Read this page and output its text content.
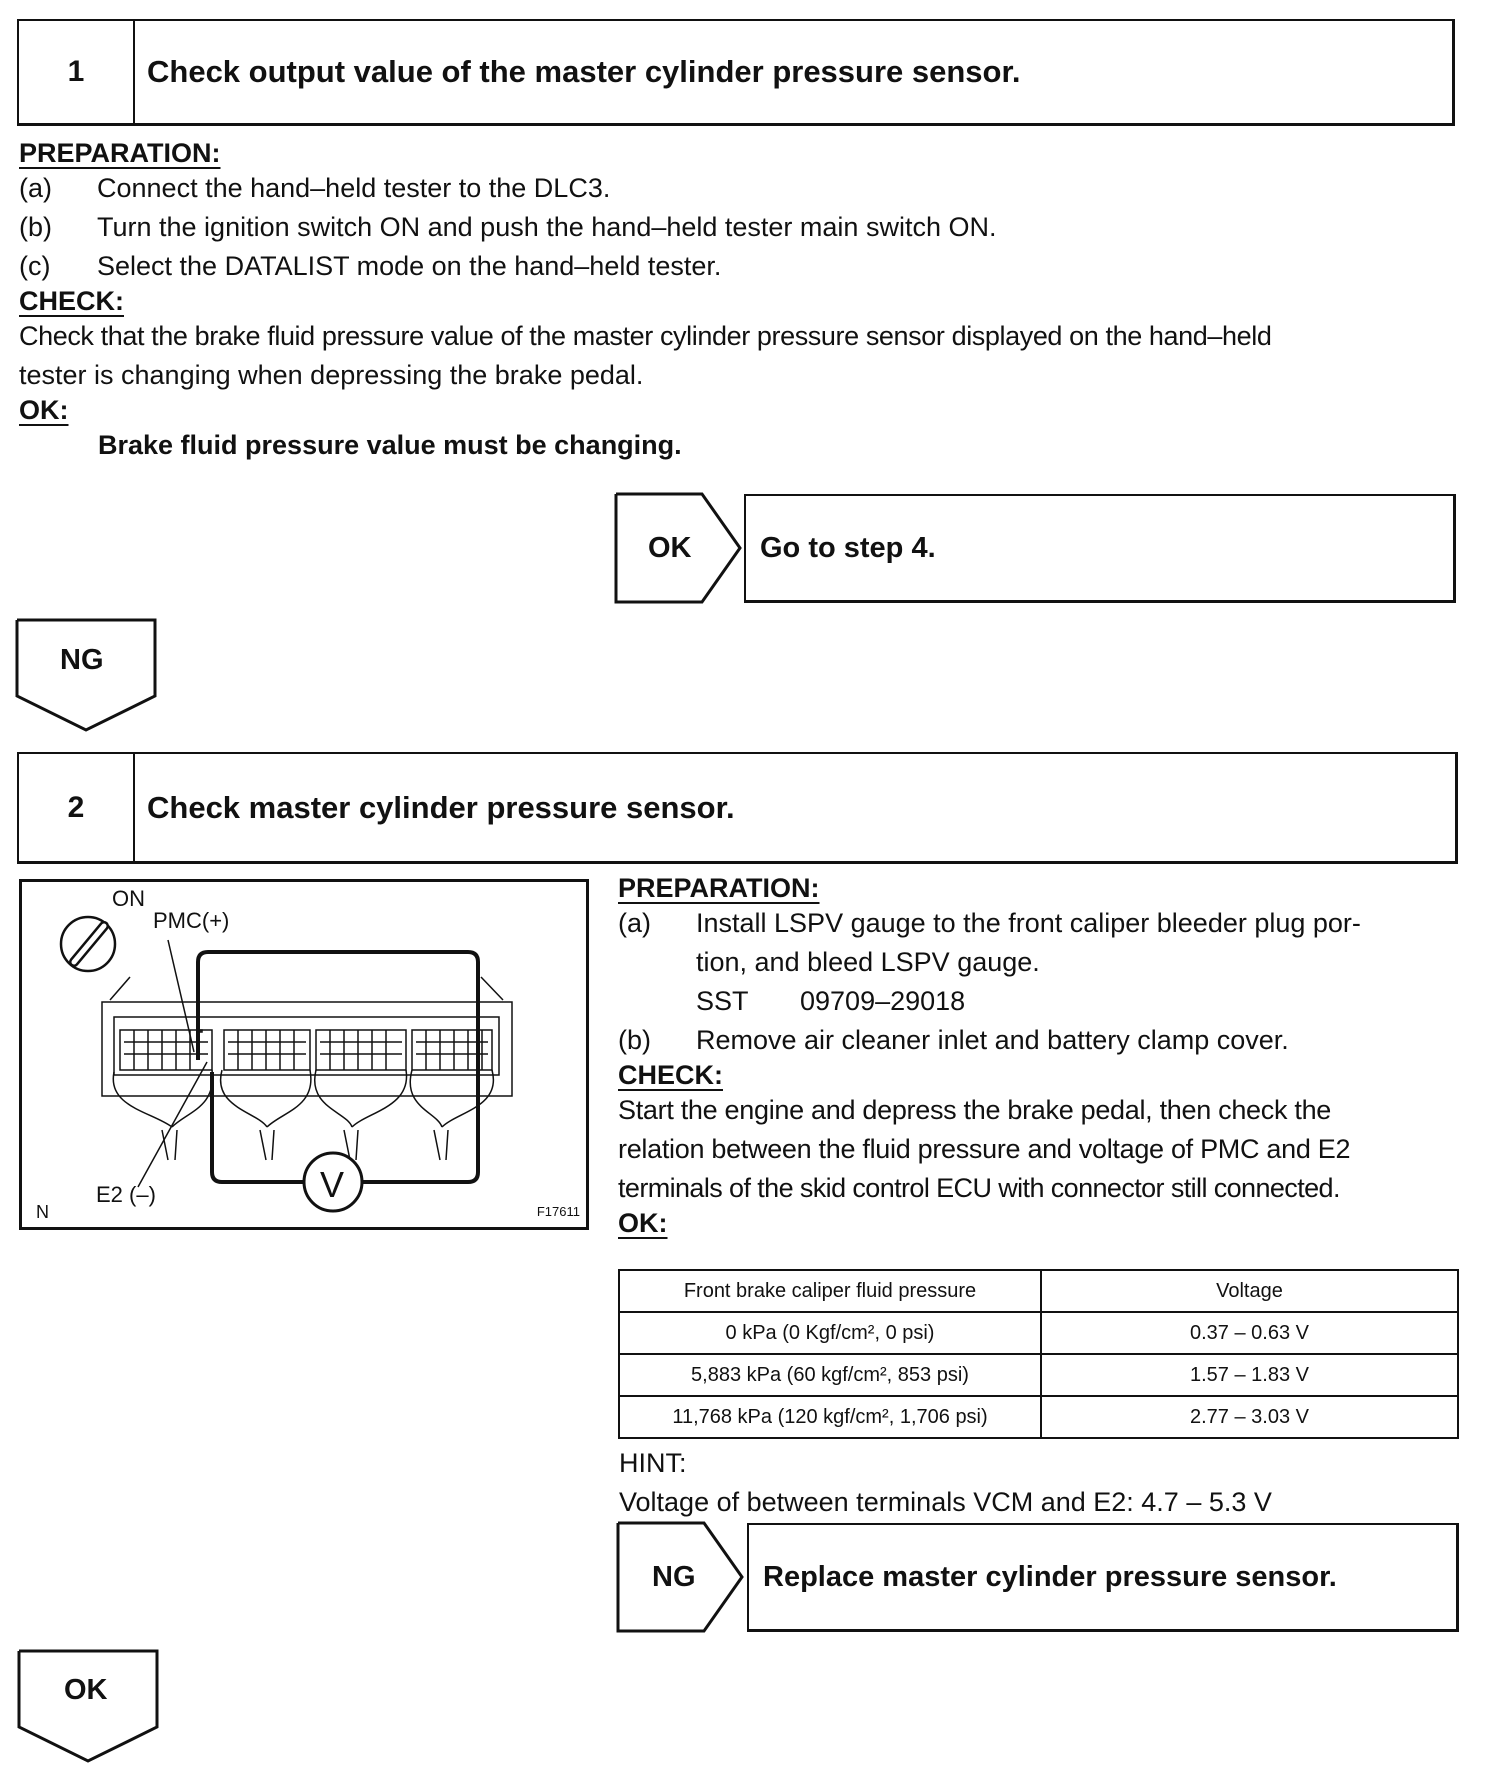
1	Check output value of the master cylinder pressure sensor.
PREPARATION:
(a) Connect the hand–held tester to the DLC3.
(b) Turn the ignition switch ON and push the hand–held tester main switch ON.
(c) Select the DATALIST mode on the hand–held tester.
CHECK:
Check that the brake fluid pressure value of the master cylinder pressure sensor displayed on the hand–held
tester is changing when depressing the brake pedal.
OK:
Brake fluid pressure value must be changing.
OK	Go to step 4.
NG
2	Check master cylinder pressure sensor.
ON
PMC(+)
E2 (–)	V
N	F17611
PREPARATION:
(a) Install LSPV gauge to the front caliper bleeder plug por-
tion, and bleed LSPV gauge.
SST 09709–29018
(b) Remove air cleaner inlet and battery clamp cover.
CHECK:
Start the engine and depress the brake pedal, then check the
relation between the fluid pressure and voltage of PMC and E2
terminals of the skid control ECU with connector still connected.
OK:
Front brake caliper fluid pressure	Voltage
0 kPa (0 Kgf/cm², 0 psi)	0.37 – 0.63 V
5,883 kPa (60 kgf/cm², 853 psi)	1.57 – 1.83 V
11,768 kPa (120 kgf/cm², 1,706 psi)	2.77 – 3.03 V
HINT:
Voltage of between terminals VCM and E2: 4.7 – 5.3 V
NG	Replace master cylinder pressure sensor.
OK
